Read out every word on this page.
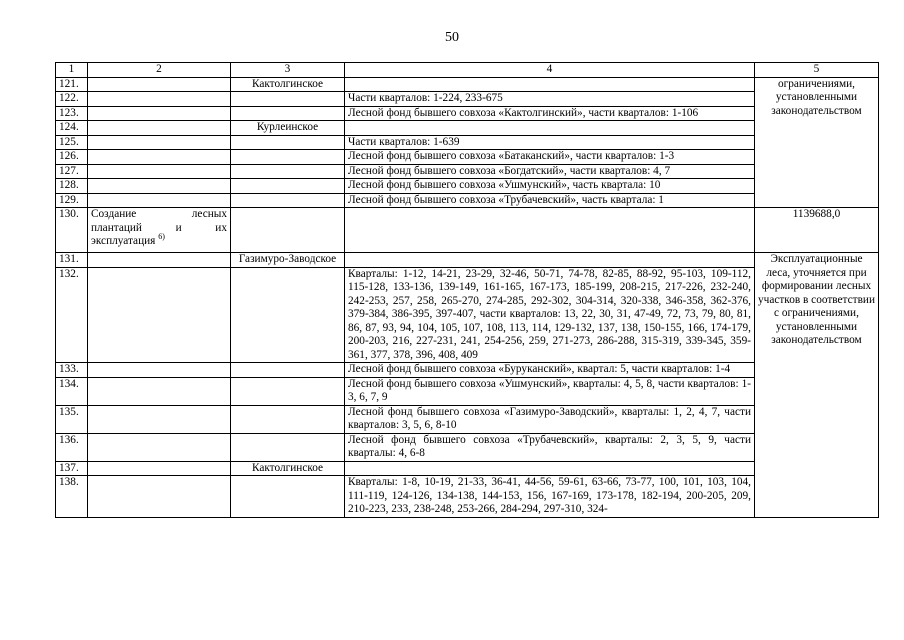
50
1	2	3	4	5
121.		Кактолгинское		ограничениями, установленными законодательством
122.			Части кварталов: 1-224, 233-675	
123.			Лесной фонд бывшего совхоза «Кактолгинский», части кварталов: 1-106	
124.		Курлеинское		
125.			Части кварталов: 1-639	
126.			Лесной фонд бывшего совхоза «Батаканский», части кварталов: 1-3	
127.			Лесной фонд бывшего совхоза «Богдатский», части кварталов: 4, 7	
128.			Лесной фонд бывшего совхоза «Ушмунский», часть квартала: 10	
129.			Лесной фонд бывшего совхоза «Трубачевский», часть квартала: 1	
130.	Создание лесных плантаций и их эксплуатация $^{6)}$			1139688,0
131.		Газимуро-Заводское		Эксплуатационные леса, уточняется при формировании лесных участков в соответствии с ограничениями, установленными законодательством
132.			Кварталы: 1-12, 14-21, 23-29, 32-46, 50-71, 74-78, 82-85, 88-92, 95-103, 109-112, 115-128, 133-136, 139-149, 161-165, 167-173, 185-199, 208-215, 217-226, 232-240, 242-253, 257, 258, 265-270, 274-285, 292-302, 304-314, 320-338, 346-358, 362-376, 379-384, 386-395, 397-407, части кварталов: 13, 22, 30, 31, 47-49, 72, 73, 79, 80, 81, 86, 87, 93, 94, 104, 105, 107, 108, 113, 114, 129-132, 137, 138, 150-155, 166, 174-179, 200-203, 216, 227-231, 241, 254-256, 259, 271-273, 286-288, 315-319, 339-345, 359-361, 377, 378, 396, 408, 409	
133.			Лесной фонд бывшего совхоза «Буруканский», квартал: 5, части кварталов: 1-4	
134.			Лесной фонд бывшего совхоза «Ушмунский», кварталы: 4, 5, 8, части кварталов: 1-3, 6, 7, 9	
135.			Лесной фонд бывшего совхоза «Газимуро-Заводский», кварталы: 1, 2, 4, 7, части кварталов: 3, 5, 6, 8-10	
136.			Лесной фонд бывшего совхоза «Трубачевский», кварталы: 2, 3, 5, 9, части кварталы: 4, 6-8	
137.		Кактолгинское		
138.			Кварталы: 1-8, 10-19, 21-33, 36-41, 44-56, 59-61, 63-66, 73-77, 100, 101, 103, 104, 111-119, 124-126, 134-138, 144-153, 156, 167-169, 173-178, 182-194, 200-205, 209, 210-223, 233, 238-248, 253-266, 284-294, 297-310, 324-	
